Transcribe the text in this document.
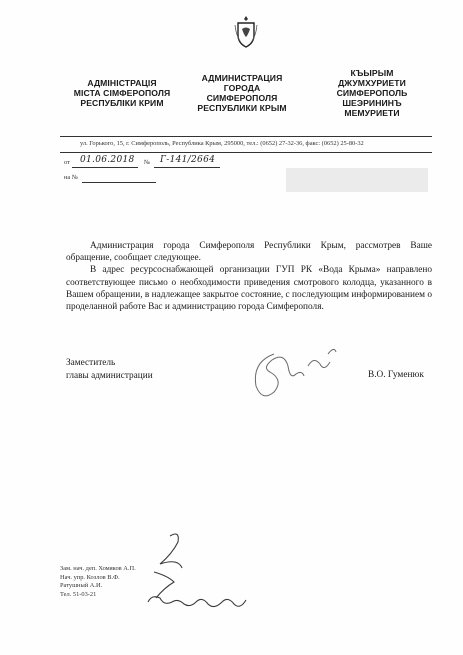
АДМІНІСТРАЦІЯ
МІСТА СІМФЕРОПОЛЯ
РЕСПУБЛІКИ КРИМ
АДМИНИСТРАЦИЯ
ГОРОДА
СИМФЕРОПОЛЯ
РЕСПУБЛИКИ КРЫМ
КЪЫРЫМ
ДЖУМХУРИЕТИ
СИМФЕРОПОЛЬ
ШЕЭРИНИНЪ
МЕМУРИЕТИ
ул. Горького, 15, г. Симферополь, Республика Крым, 295000, тел.: (0652) 27-32-36, факс: (0652) 25-80-32
от 01.06.2018 № Г-141/2664
на №

Администрация города Симферополя Республики Крым, рассмотрев Ваше обращение, сообщает следующее.

В адрес ресурсоснабжающей организации ГУП РК «Вода Крыма» направлено соответствующее письмо о необходимости приведения смотрового колодца, указанного в Вашем обращении, в надлежащее закрытое состояние, с последующим информированием о проделанной работе Вас и администрацию города Симферополя.

Заместитель
главы администрации	В.О. Гуменюк
Зам. нач. деп. Хомяков А.П.
Нач. упр. Козлов В.Ф.
Ратушный А.И.
Тел. 51-03-21
